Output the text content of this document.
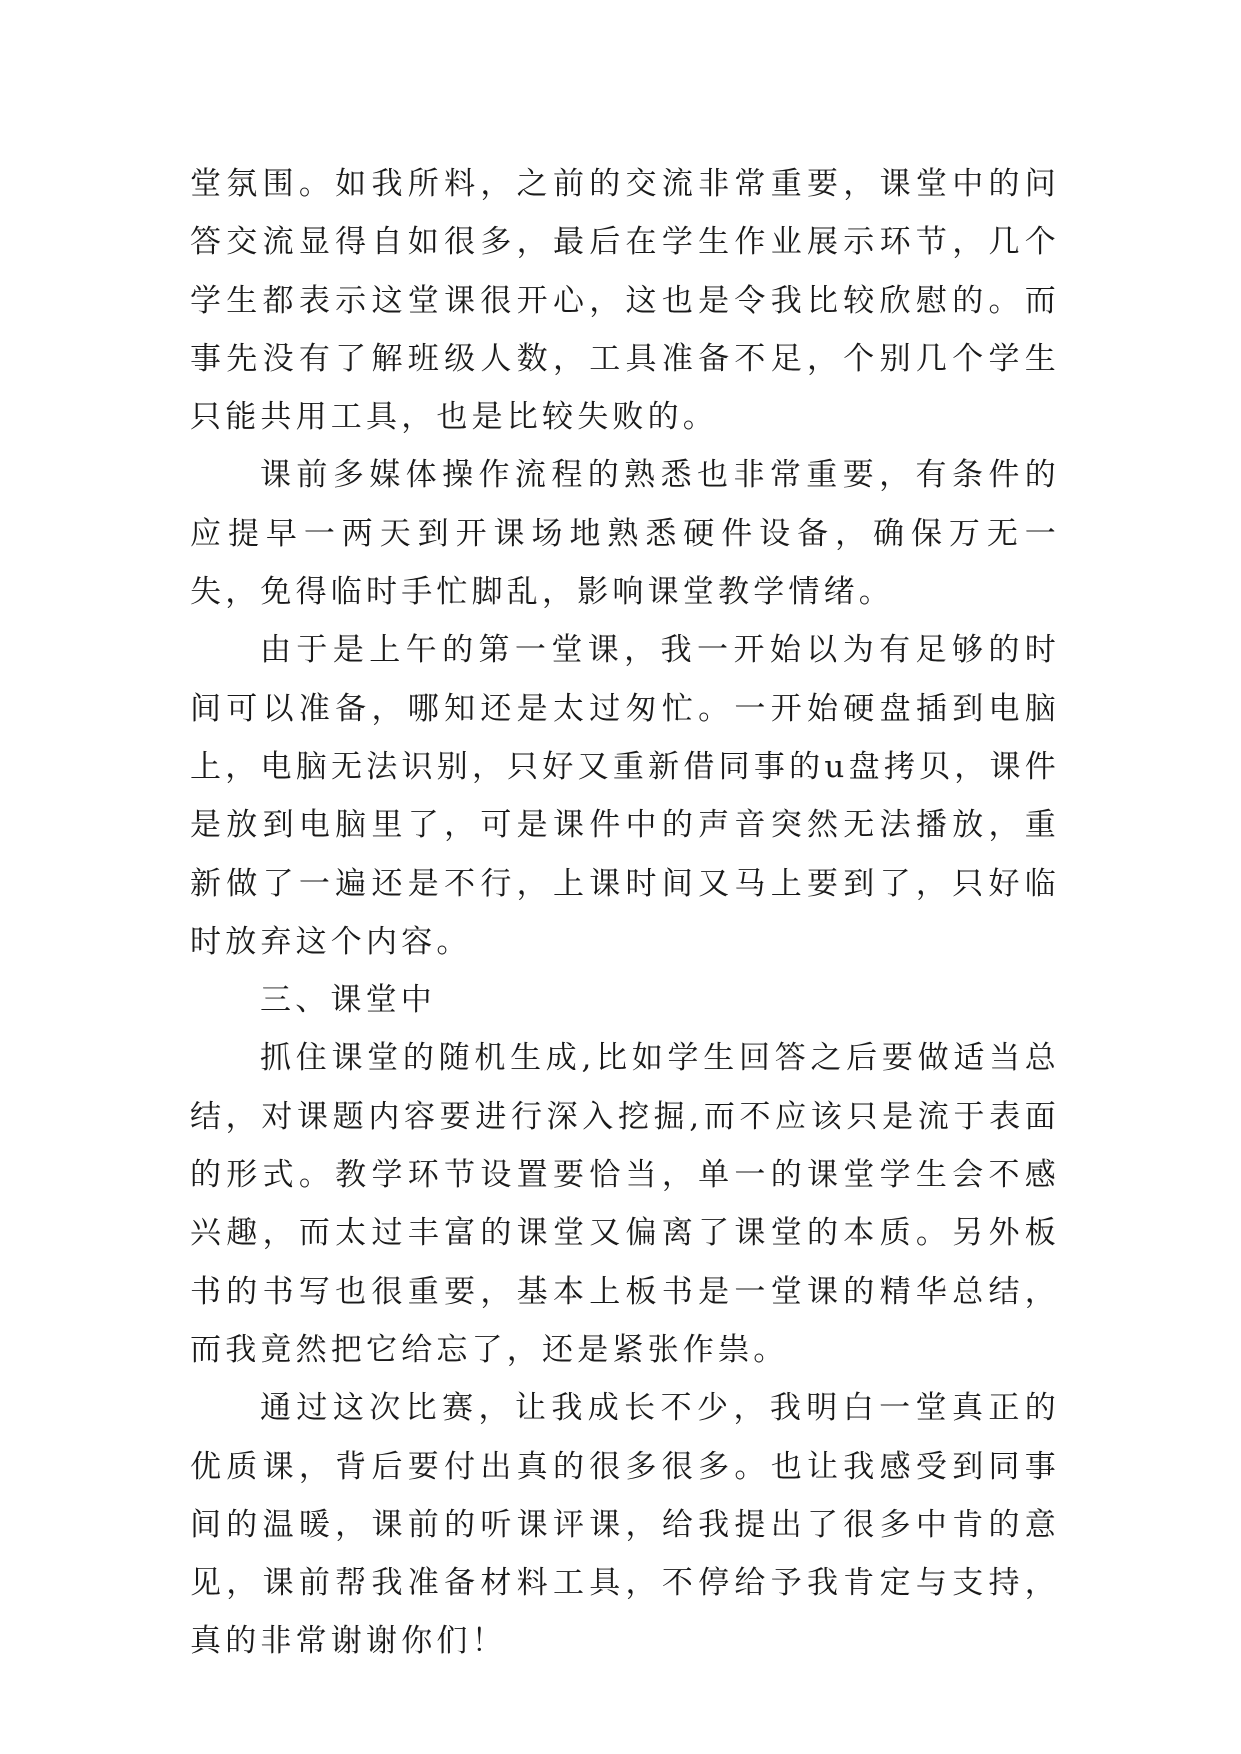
堂氛围。如我所料，之前的交流非常重要，课堂中的问答交流显得自如很多，最后在学生作业展示环节，几个学生都表示这堂课很开心，这也是令我比较欣慰的。而事先没有了解班级人数，工具准备不足，个别几个学生只能共用工具，也是比较失败的。

课前多媒体操作流程的熟悉也非常重要，有条件的应提早一两天到开课场地熟悉硬件设备，确保万无一失，免得临时手忙脚乱，影响课堂教学情绪。

由于是上午的第一堂课，我一开始以为有足够的时间可以准备，哪知还是太过匆忙。一开始硬盘插到电脑上，电脑无法识别，只好又重新借同事的u盘拷贝，课件是放到电脑里了，可是课件中的声音突然无法播放，重新做了一遍还是不行，上课时间又马上要到了，只好临时放弃这个内容。

三、课堂中

抓住课堂的随机生成,比如学生回答之后要做适当总结，对课题内容要进行深入挖掘,而不应该只是流于表面的形式。教学环节设置要恰当，单一的课堂学生会不感兴趣，而太过丰富的课堂又偏离了课堂的本质。另外板书的书写也很重要，基本上板书是一堂课的精华总结，而我竟然把它给忘了，还是紧张作祟。

通过这次比赛，让我成长不少，我明白一堂真正的优质课，背后要付出真的很多很多。也让我感受到同事间的温暖，课前的听课评课，给我提出了很多中肯的意见，课前帮我准备材料工具，不停给予我肯定与支持，真的非常谢谢你们！
